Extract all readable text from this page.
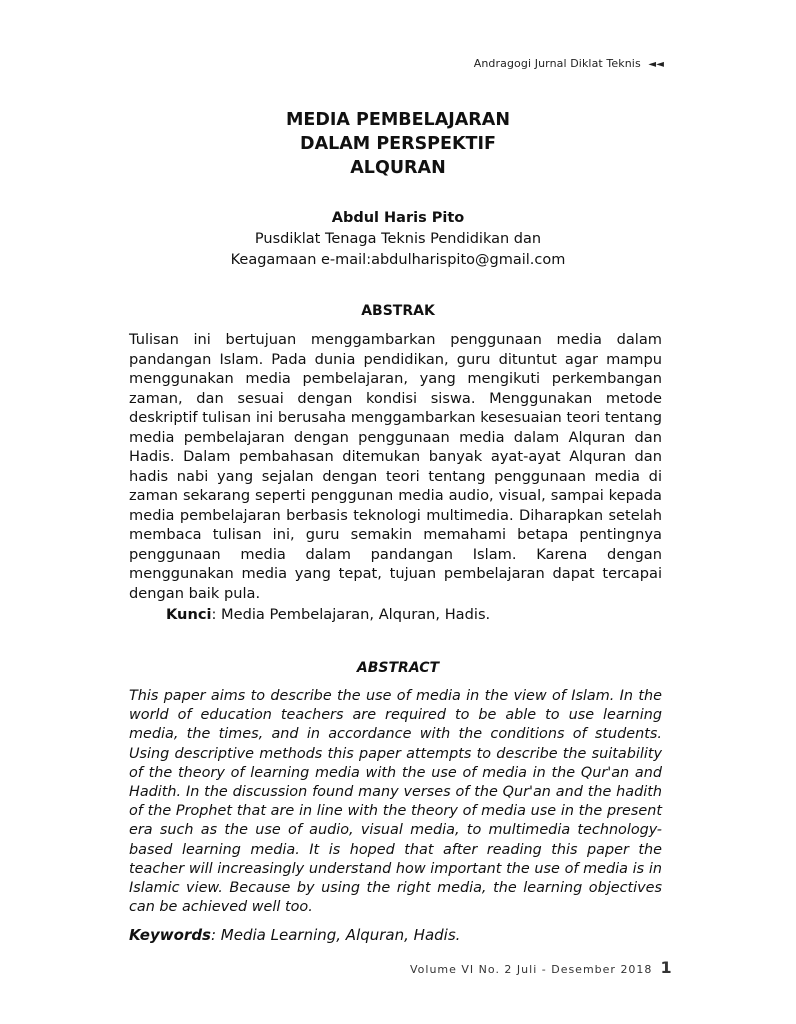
Andragogi Jurnal Diklat Teknis ◄◄
MEDIA PEMBELAJARAN
DALAM PERSPEKTIF
ALQURAN
Abdul Haris Pito
Pusdiklat Tenaga Teknis Pendidikan dan
Keagamaan e-mail:abdulharispito@gmail.com
ABSTRAK

Tulisan ini bertujuan menggambarkan penggunaan media dalam pandangan Islam. Pada dunia pendidikan, guru dituntut agar mampu menggunakan media pembelajaran, yang mengikuti perkembangan zaman, dan sesuai dengan kondisi siswa. Menggunakan metode deskriptif tulisan ini berusaha menggambarkan kesesuaian teori tentang media pembelajaran dengan penggunaan media dalam Alquran dan Hadis. Dalam pembahasan ditemukan banyak ayat-ayat Alquran dan hadis nabi yang sejalan dengan teori tentang penggunaan media di zaman sekarang seperti penggunan media audio, visual, sampai kepada media pembelajaran berbasis teknologi multimedia. Diharapkan setelah membaca tulisan ini, guru semakin memahami betapa pentingnya penggunaan media dalam pandangan Islam. Karena dengan menggunakan media yang tepat, tujuan pembelajaran dapat tercapai dengan baik pula.

Kunci: Media Pembelajaran, Alquran, Hadis.
ABSTRACT

This paper aims to describe the use of media in the view of Islam. In the world of education teachers are required to be able to use learning media, the times, and in accordance with the conditions of students. Using descriptive methods this paper attempts to describe the suitability of the theory of learning media with the use of media in the Qur'an and Hadith. In the discussion found many verses of the Qur'an and the hadith of the Prophet that are in line with the theory of media use in the present era such as the use of audio, visual media, to multimedia technology-based learning media. It is hoped that after reading this paper the teacher will increasingly understand how important the use of media is in Islamic view. Because by using the right media, the learning objectives can be achieved well too.

Keywords: Media Learning, Alquran, Hadis.
Volume VI No. 2 Juli - Desember 2018 1
